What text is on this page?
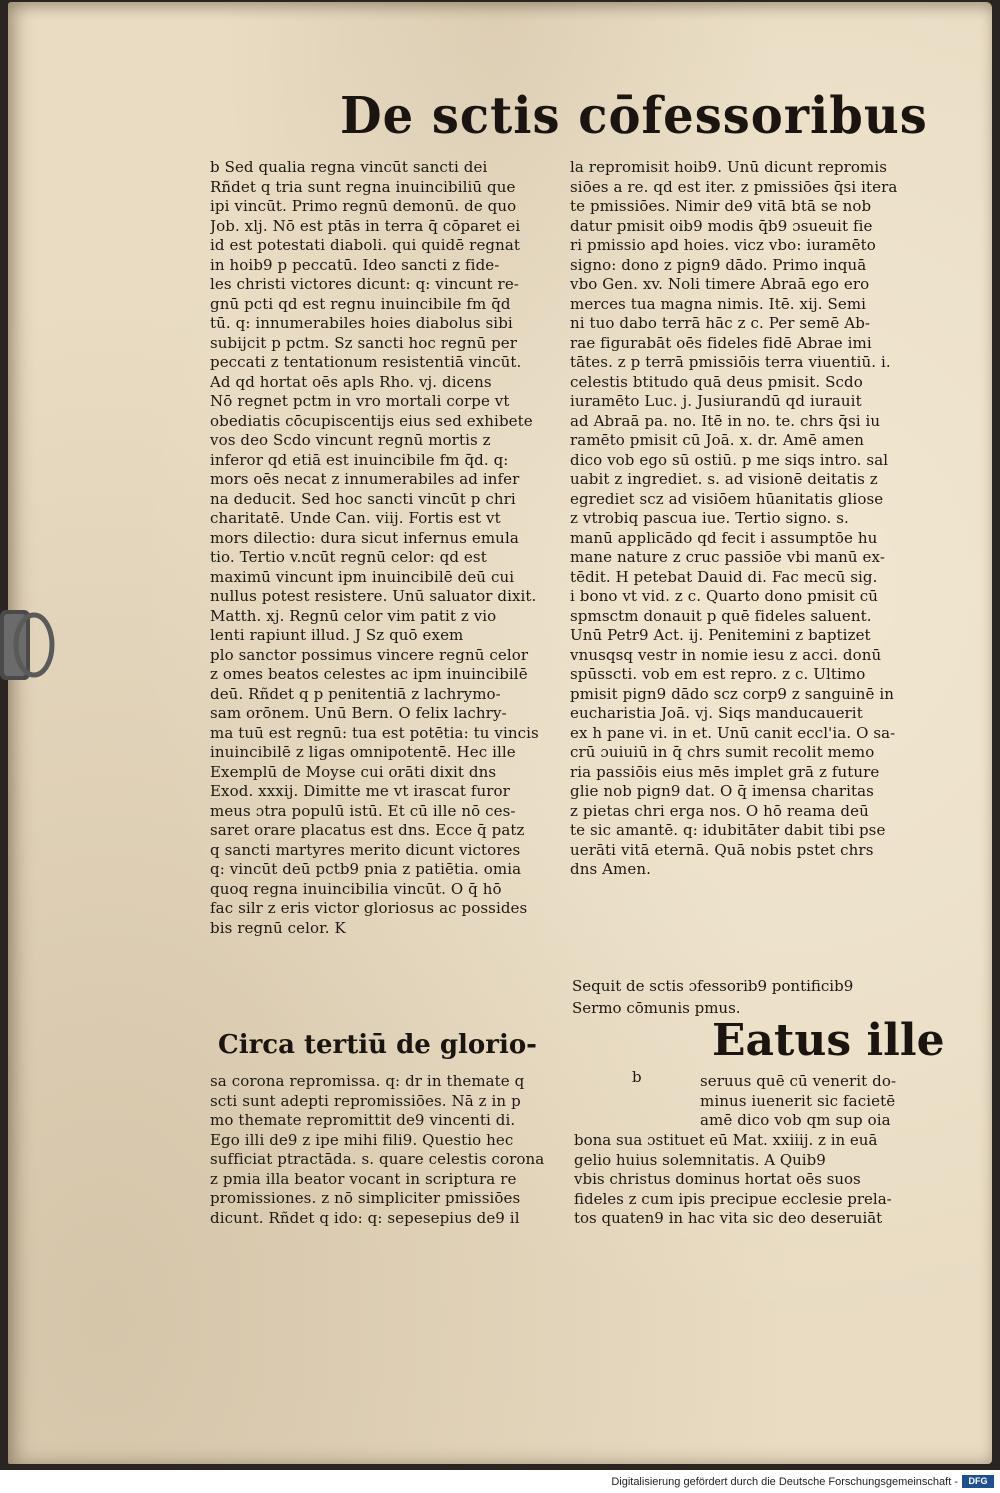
De sctis cōfessoribus
b Sed qualia regna vincūt sancti dei
Rñdet q tria sunt regna inuincibiliū que
ipi vincūt. Primo regnū demonū. de quo
Job. xlj. Nō est ptās in terra q̄ cōparet ei
id est potestati diaboli. qui quidē regnat
in hoib9 p peccatū. Ideo sancti z fide-
les christi victores dicunt: q: vincunt re-
gnū pcti qd est regnu inuincibile fm q̄d
tū. q: innumerabiles hoies diabolus sibi
subijcit p pctm. Sz sancti hoc regnū per
peccati z tentationum resistentiā vincūt.
Ad qd hortat oēs apls Rho. vj. dicens
Nō regnet pctm in vro mortali corpe vt
obediatis cōcupiscentijs eius sed exhibete
vos deo Scdo vincunt regnū mortis z
inferor qd etiā est inuincibile fm q̄d. q:
mors oēs necat z innumerabiles ad infer
na deducit. Sed hoc sancti vincūt p chri
charitatē. Unde Can. viij. Fortis est vt
mors dilectio: dura sicut infernus emula
tio. Tertio v.ncūt regnū celor: qd est
maximū vincunt ipm inuincibilē deū cui
nullus potest resistere. Unū saluator dixit.
Matth. xj. Regnū celor vim patit z vio
lenti rapiunt illud. J Sz quō exem
plo sanctor possimus vincere regnū celor
z omes beatos celestes ac ipm inuincibilē
deū. Rñdet q p penitentiā z lachrymo-
sam orōnem. Unū Bern. O felix lachry-
ma tuū est regnū: tua est potētia: tu vincis
inuincibilē z ligas omnipotentē. Hec ille
Exemplū de Moyse cui orāti dixit dns
Exod. xxxij. Dimitte me vt irascat furor
meus ɔtra populū istū. Et cū ille nō ces-
saret orare placatus est dns. Ecce q̄ patz
q sancti martyres merito dicunt victores
q: vincūt deū pctb9 pnia z patiētia. omia
quoq regna inuincibilia vincūt. O q̄ hō
fac silr z eris victor gloriosus ac possides
bis regnū celor. K
la repromisit hoib9. Unū dicunt repromis
siōes a re. qd est iter. z pmissiōes q̄si itera
te pmissiōes. Nimir de9 vitā btā se nob
datur pmisit oib9 modis q̄b9 ɔsueuit fie
ri pmissio apd hoies. vicz vbo: iuramēto
signo: dono z pign9 dādo. Primo inquā
vbo Gen. xv. Noli timere Abraā ego ero
merces tua magna nimis. Itē. xij. Semi
ni tuo dabo terrā hāc z c. Per semē Ab-
rae figurabāt oēs fideles fidē Abrae imi
tātes. z p terrā pmissiōis terra viuentiū. i.
celestis btitudo quā deus pmisit. Scdo
iuramēto Luc. j. Jusiurandū qd iurauit
ad Abraā pa. no. Itē in no. te. chrs q̄si iu
ramēto pmisit cū Joā. x. dr. Amē amen
dico vob ego sū ostiū. p me siqs intro. sal
uabit z ingrediet. s. ad visionē deitatis z
egrediet scz ad visiōem hūanitatis gliose
z vtrobiq pascua iue. Tertio signo. s.
manū applicādo qd fecit i assumptōe hu
mane nature z cruc passiōe vbi manū ex-
tēdit. H petebat Dauid di. Fac mecū sig.
i bono vt vid. z c. Quarto dono pmisit cū
spmsctm donauit p quē fideles saluent.
Unū Petr9 Act. ij. Penitemini z baptizet
vnusqsq vestr in nomie iesu z acci. donū
spūsscti. vob em est repro. z c. Ultimo
pmisit pign9 dādo scz corp9 z sanguinē in
eucharistia Joā. vj. Siqs manducauerit
ex h pane vi. in et. Unū canit eccl'ia. O sa-
crū ɔuiuiū in q̄ chrs sumit recolit memo
ria passiōis eius mēs implet grā z future
glie nob pign9 dat. O q̄ imensa charitas
z pietas chri erga nos. O hō reama deū
te sic amantē. q: idubitāter dabit tibi pse
uerāti vitā eternā. Quā nobis pstet chrs
dns Amen.
Sequit de sctis ɔfessorib9 pontificib9
Sermo cōmunis pmus.
Circa tertiū de glorio-
sa corona repromissa. q: dr in themate q
scti sunt adepti repromissiōes. Nā z in p
mo themate repromittit de9 vincenti di.
Ego illi de9 z ipe mihi fili9. Questio hec
sufficiat ptractāda. s. quare celestis corona
z pmia illa beator vocant in scriptura re
promissiones. z nō simpliciter pmissiōes
dicunt. Rñdet q ido: q: sepesepius de9 il
Eatus ille
b	seruus quē cū venerit do-
minus iuenerit sic facietē
amē dico vob qm sup oia
bona sua ɔstituet eū Mat. xxiiij. z in euā
gelio huius solemnitatis. A Quib9
vbis christus dominus hortat oēs suos
fideles z cum ipis precipue ecclesie prela-
tos quaten9 in hac vita sic deo deseruiāt
Digitalisierung gefördert durch die Deutsche Forschungsgemeinschaft -	DFG
